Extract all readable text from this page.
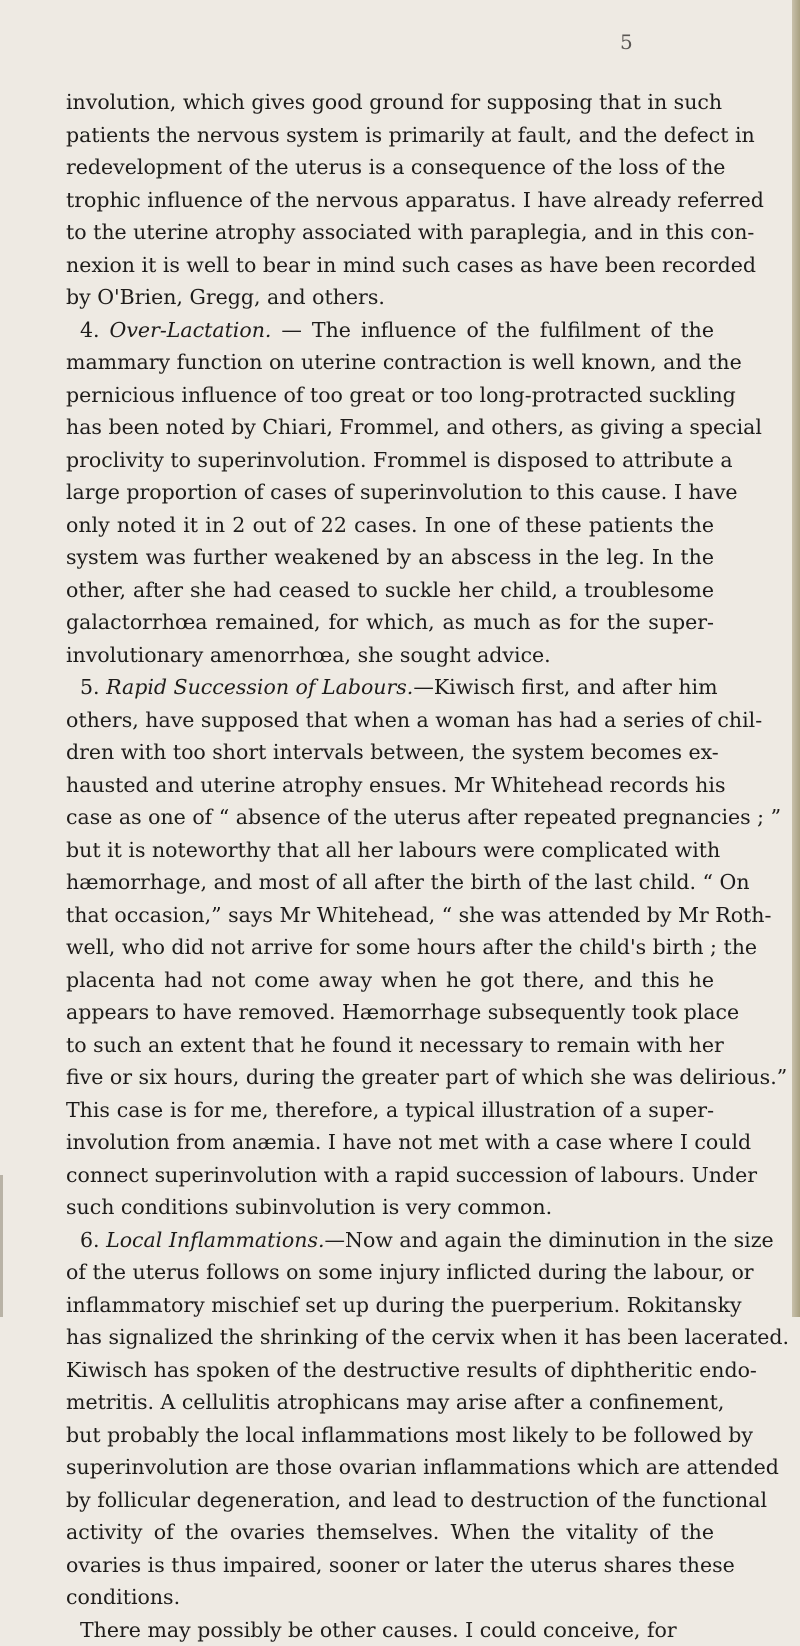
5
involution, which gives good ground for supposing that in such
patients the nervous system is primarily at fault, and the defect in
redevelopment of the uterus is a consequence of the loss of the
trophic influence of the nervous apparatus. I have already referred
to the uterine atrophy associated with paraplegia, and in this con-
nexion it is well to bear in mind such cases as have been recorded
by O'Brien, Gregg, and others.
4. Over-Lactation. — The influence of the fulfilment of the
mammary function on uterine contraction is well known, and the
pernicious influence of too great or too long-protracted suckling
has been noted by Chiari, Frommel, and others, as giving a special
proclivity to superinvolution. Frommel is disposed to attribute a
large proportion of cases of superinvolution to this cause. I have
only noted it in 2 out of 22 cases. In one of these patients the
system was further weakened by an abscess in the leg. In the
other, after she had ceased to suckle her child, a troublesome
galactorrhœa remained, for which, as much as for the super-
involutionary amenorrhœa, she sought advice.
5. Rapid Succession of Labours.—Kiwisch first, and after him
others, have supposed that when a woman has had a series of chil-
dren with too short intervals between, the system becomes ex-
hausted and uterine atrophy ensues. Mr Whitehead records his
case as one of “ absence of the uterus after repeated pregnancies ; ”
but it is noteworthy that all her labours were complicated with
hæmorrhage, and most of all after the birth of the last child. “ On
that occasion,” says Mr Whitehead, “ she was attended by Mr Roth-
well, who did not arrive for some hours after the child's birth ; the
placenta had not come away when he got there, and this he
appears to have removed. Hæmorrhage subsequently took place
to such an extent that he found it necessary to remain with her
five or six hours, during the greater part of which she was delirious.”
This case is for me, therefore, a typical illustration of a super-
involution from anæmia. I have not met with a case where I could
connect superinvolution with a rapid succession of labours. Under
such conditions subinvolution is very common.
6. Local Inflammations.—Now and again the diminution in the size
of the uterus follows on some injury inflicted during the labour, or
inflammatory mischief set up during the puerperium. Rokitansky
has signalized the shrinking of the cervix when it has been lacerated.
Kiwisch has spoken of the destructive results of diphtheritic endo-
metritis. A cellulitis atrophicans may arise after a confinement,
but probably the local inflammations most likely to be followed by
superinvolution are those ovarian inflammations which are attended
by follicular degeneration, and lead to destruction of the functional
activity of the ovaries themselves. When the vitality of the
ovaries is thus impaired, sooner or later the uterus shares these
conditions.
There may possibly be other causes. I could conceive, for
